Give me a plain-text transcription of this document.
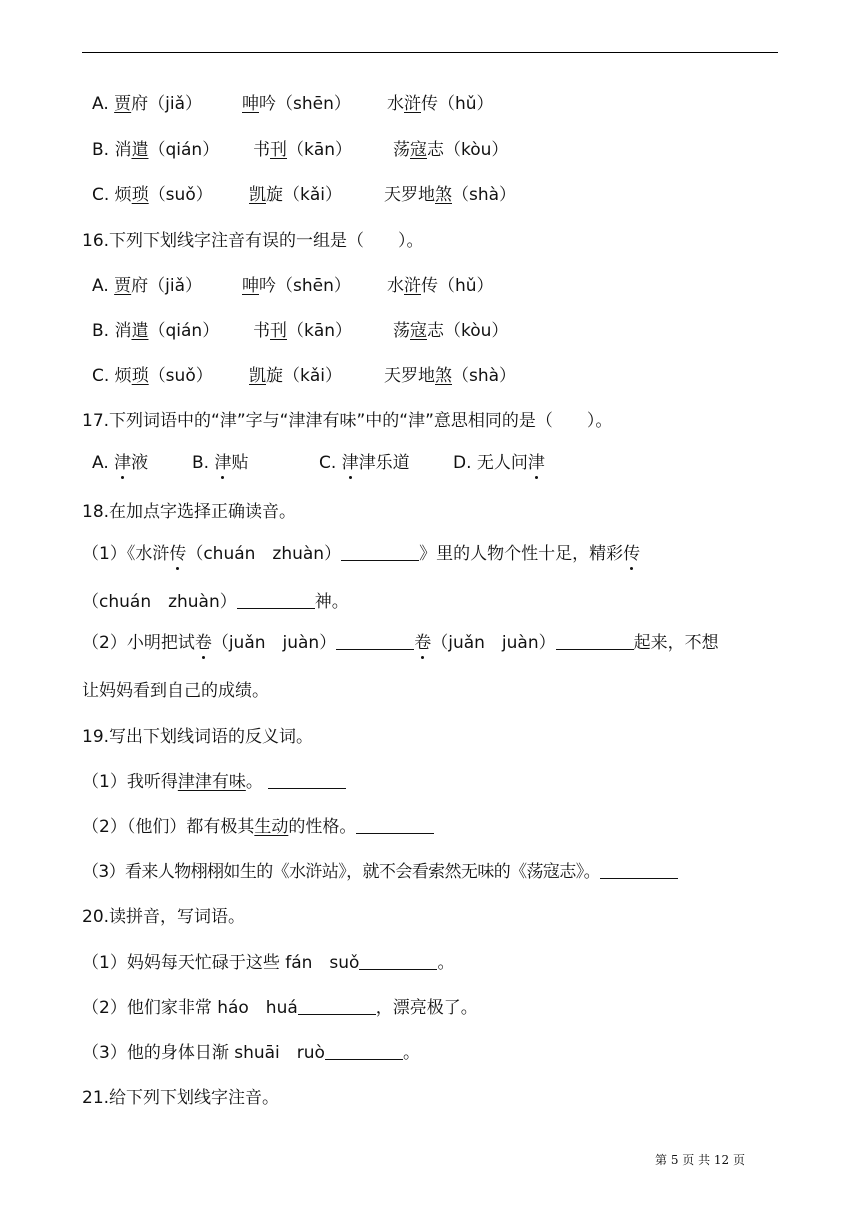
A. 贾府（jiǎ） 呻吟（shēn） 水浒传（hǔ）
B. 消遣（qián） 书刊（kān） 荡寇志（kòu）
C. 烦琐（suǒ） 凯旋（kǎi） 天罗地煞（shà）
16.下列下划线字注音有误的一组是（　　）。
A. 贾府（jiǎ） 呻吟（shēn） 水浒传（hǔ）
B. 消遣（qián） 书刊（kān） 荡寇志（kòu）
C. 烦琐（suǒ） 凯旋（kǎi） 天罗地煞（shà）
17.下列词语中的“津”字与“津津有味”中的“津”意思相同的是（　　）。
A. 津液	B. 津贴	C. 津津乐道	D. 无人问津
18.在加点字选择正确读音。
（1）《水浒传（chuán　zhuàn）	》里的人物个性十足，精彩传
（chuán　zhuàn）	神。
（2）小明把试卷（juǎn　juàn）	卷（juǎn　juàn）	起来，不想
让妈妈看到自己的成绩。
19.写出下划线词语的反义词。
（1）我听得津津有味。
（2）（他们）都有极其生动的性格。
（3）看来人物栩栩如生的《水浒站》，就不会看索然无味的《荡寇志》。
20.读拼音，写词语。
（1）妈妈每天忙碌于这些 fán　suǒ	。
（2）他们家非常 háo　huá	，漂亮极了。
（3）他的身体日渐 shuāi　ruò	。
21.给下列下划线字注音。
第 5 页 共 12 页
